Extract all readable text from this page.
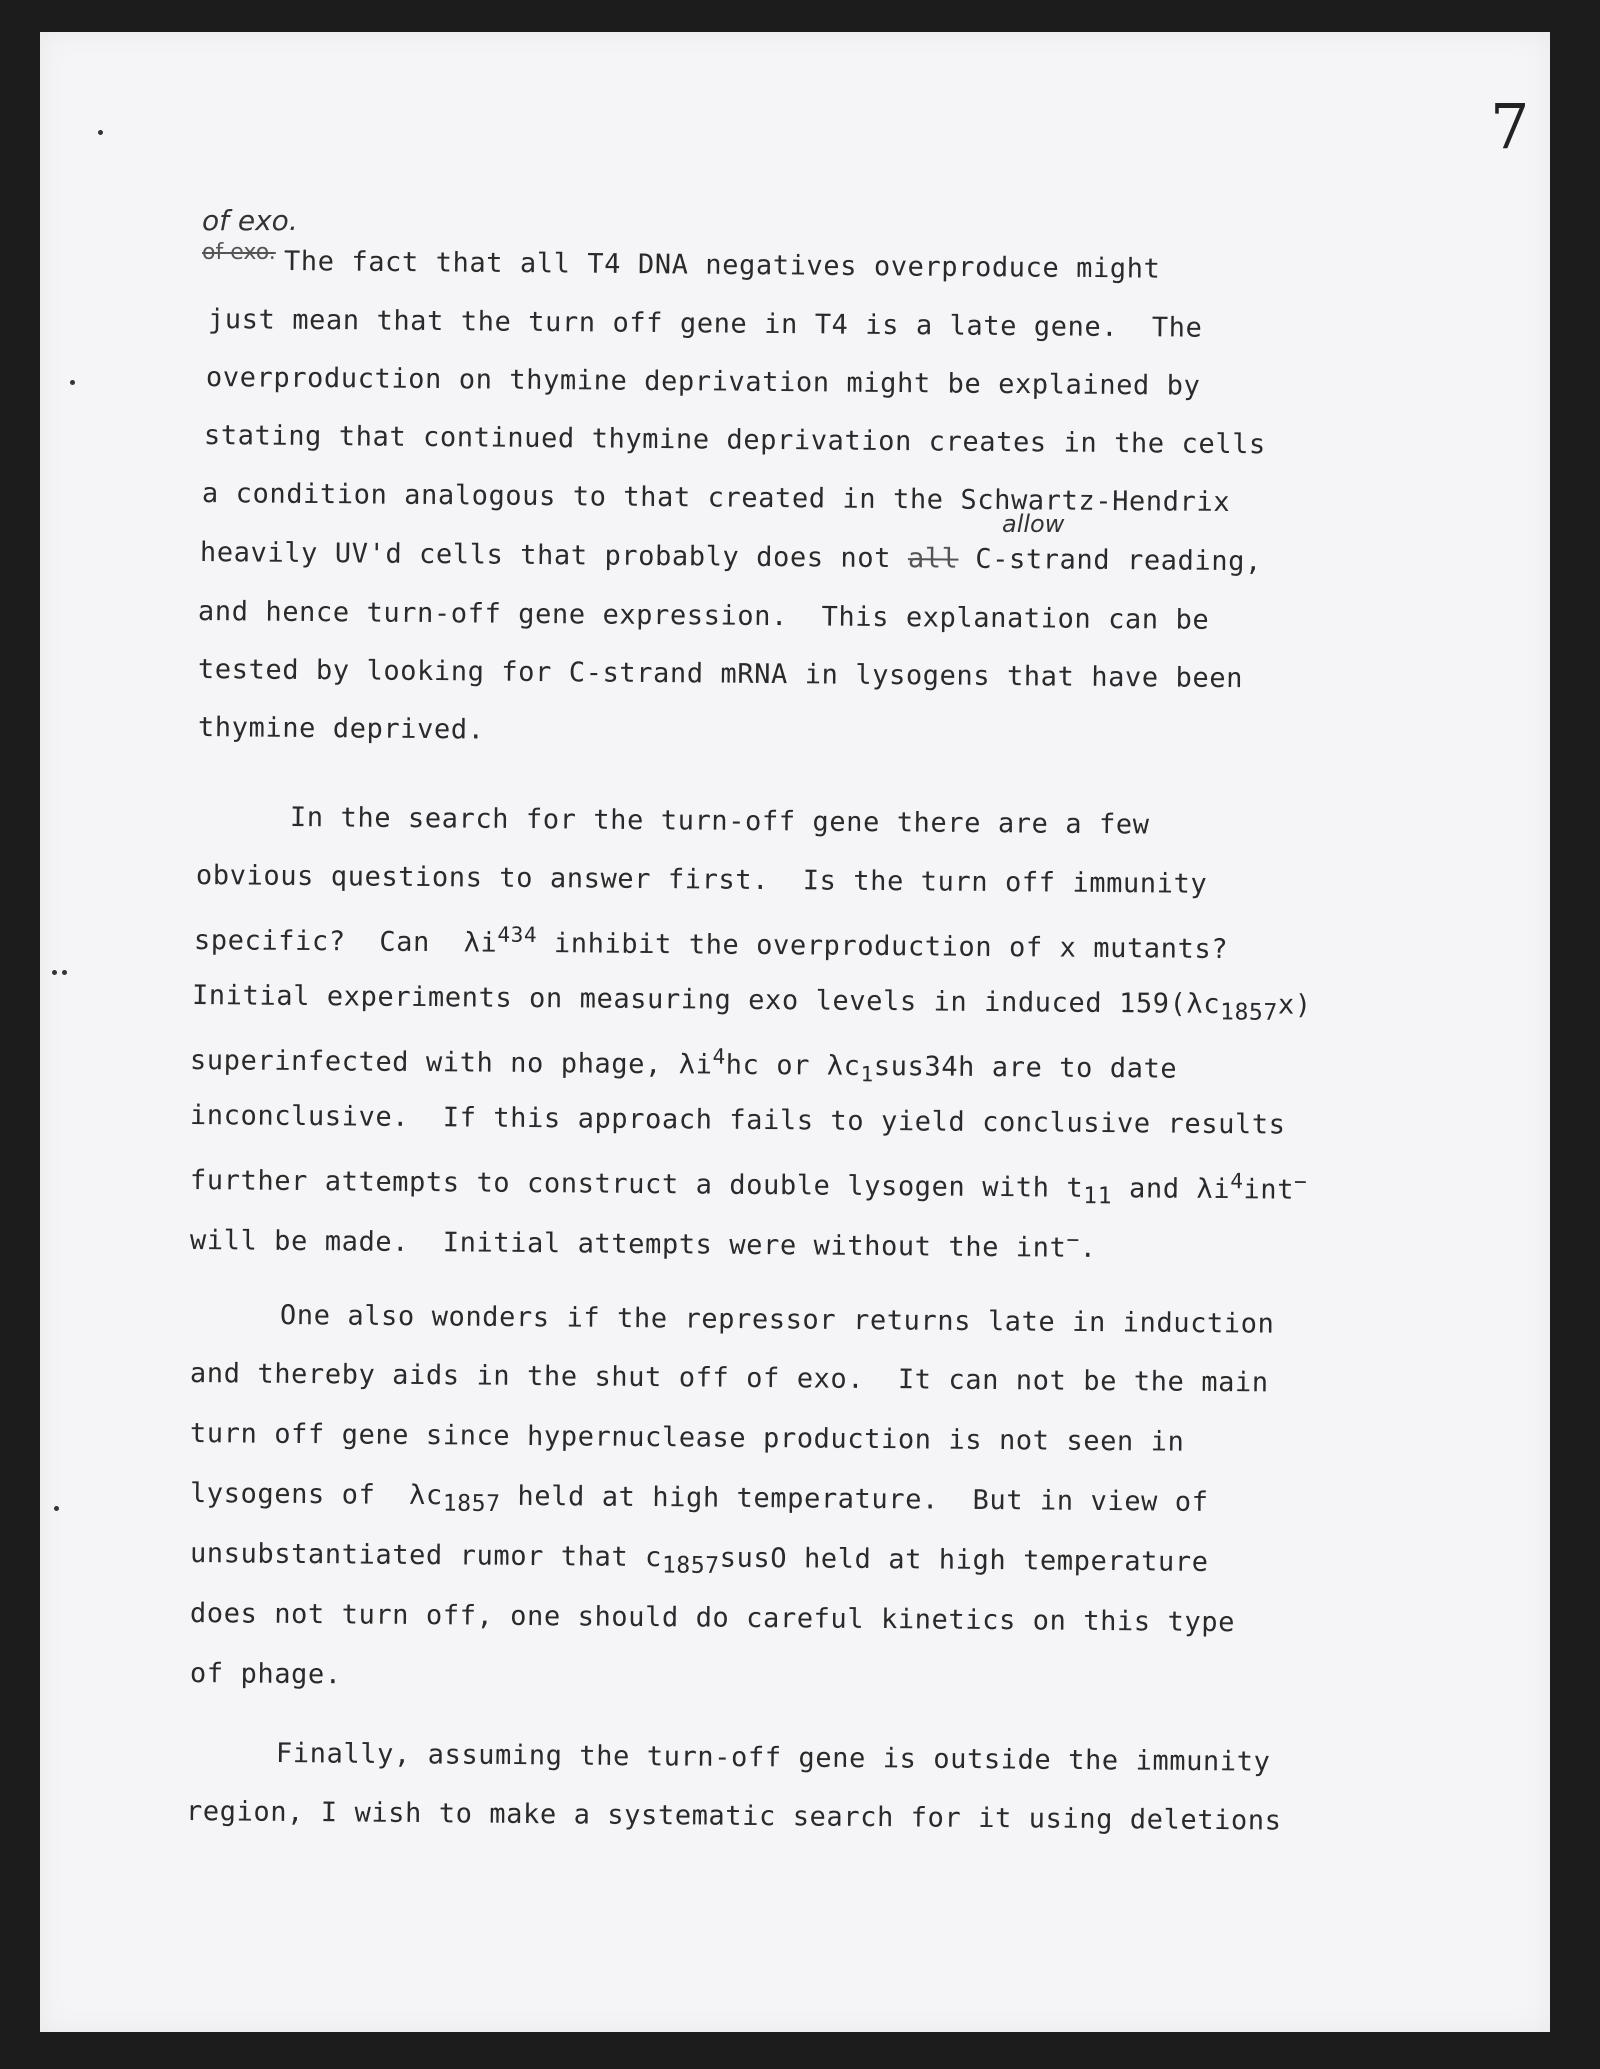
7
of exo.
of exo. The fact that all T4 DNA negatives overproduce might
just mean that the turn off gene in T4 is a late gene.  The
overproduction on thymine deprivation might be explained by
stating that continued thymine deprivation creates in the cells
a condition analogous to that created in the Schwartz-Hendrix
heavily UV'd cells that probably does not all C-strand reading,
allow
and hence turn-off gene expression.  This explanation can be
tested by looking for C-strand mRNA in lysogens that have been
thymine deprived.
In the search for the turn-off gene there are a few
obvious questions to answer first.  Is the turn off immunity
specific?  Can  $\lambda i^{434}$ inhibit the overproduction of x mutants?
Initial experiments on measuring exo levels in induced $159(\lambda c_{1857}x)$
superinfected with no phage, $\lambda i^4hc$ or $\lambda c_1sus34h$ are to date
inconclusive.  If this approach fails to yield conclusive results
further attempts to construct a double lysogen with $t_{11}$ and $\lambda i^4int^-$
will be made.  Initial attempts were without the int−.
One also wonders if the repressor returns late in induction
and thereby aids in the shut off of exo.  It can not be the main
turn off gene since hypernuclease production is not seen in
lysogens of  $\lambda c_{1857}$ held at high temperature.  But in view of
unsubstantiated rumor that $c_{1857}susO$ held at high temperature
does not turn off, one should do careful kinetics on this type
of phage.
Finally, assuming the turn-off gene is outside the immunity
region, I wish to make a systematic search for it using deletions
